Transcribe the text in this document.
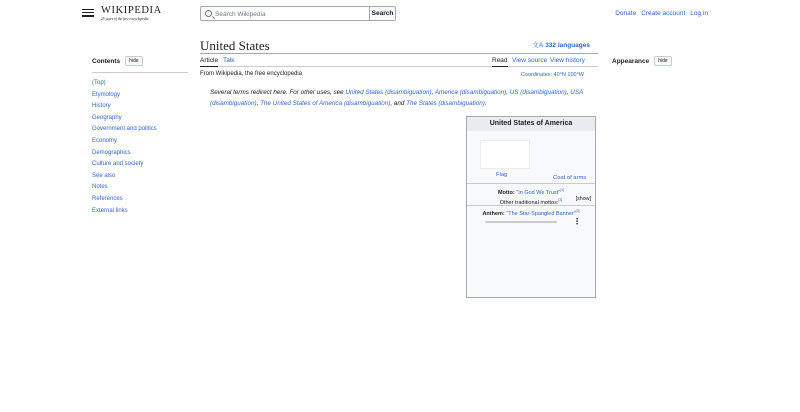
WIKIPEDIA
25 years of the free encyclopedia
Search Wikipedia
Search	Donate Create account Log in
Contents	hide
(Top)
Etymology
History
Geography
Government and politics
Economy
Demographics
Culture and society
See also
Notes
References
External links
United States	文A 332 languages
Article Talk	Read View source View history
From Wikipedia, the free encyclopedia	Coordinates: 40°N 100°W
Several terms redirect here. For other uses, see United States (disambiguation), America (disambiguation), US (disambiguation), USA (disambiguation), The United States of America (disambiguation), and The States (disambiguation).
United States of America
Flag	Coat of arms
Motto: "In God We Trust"[1]
Other traditional mottos:[2]	[show]
Anthem: "The Star-Spangled Banner"[3]
⋮
Appearance	hide
